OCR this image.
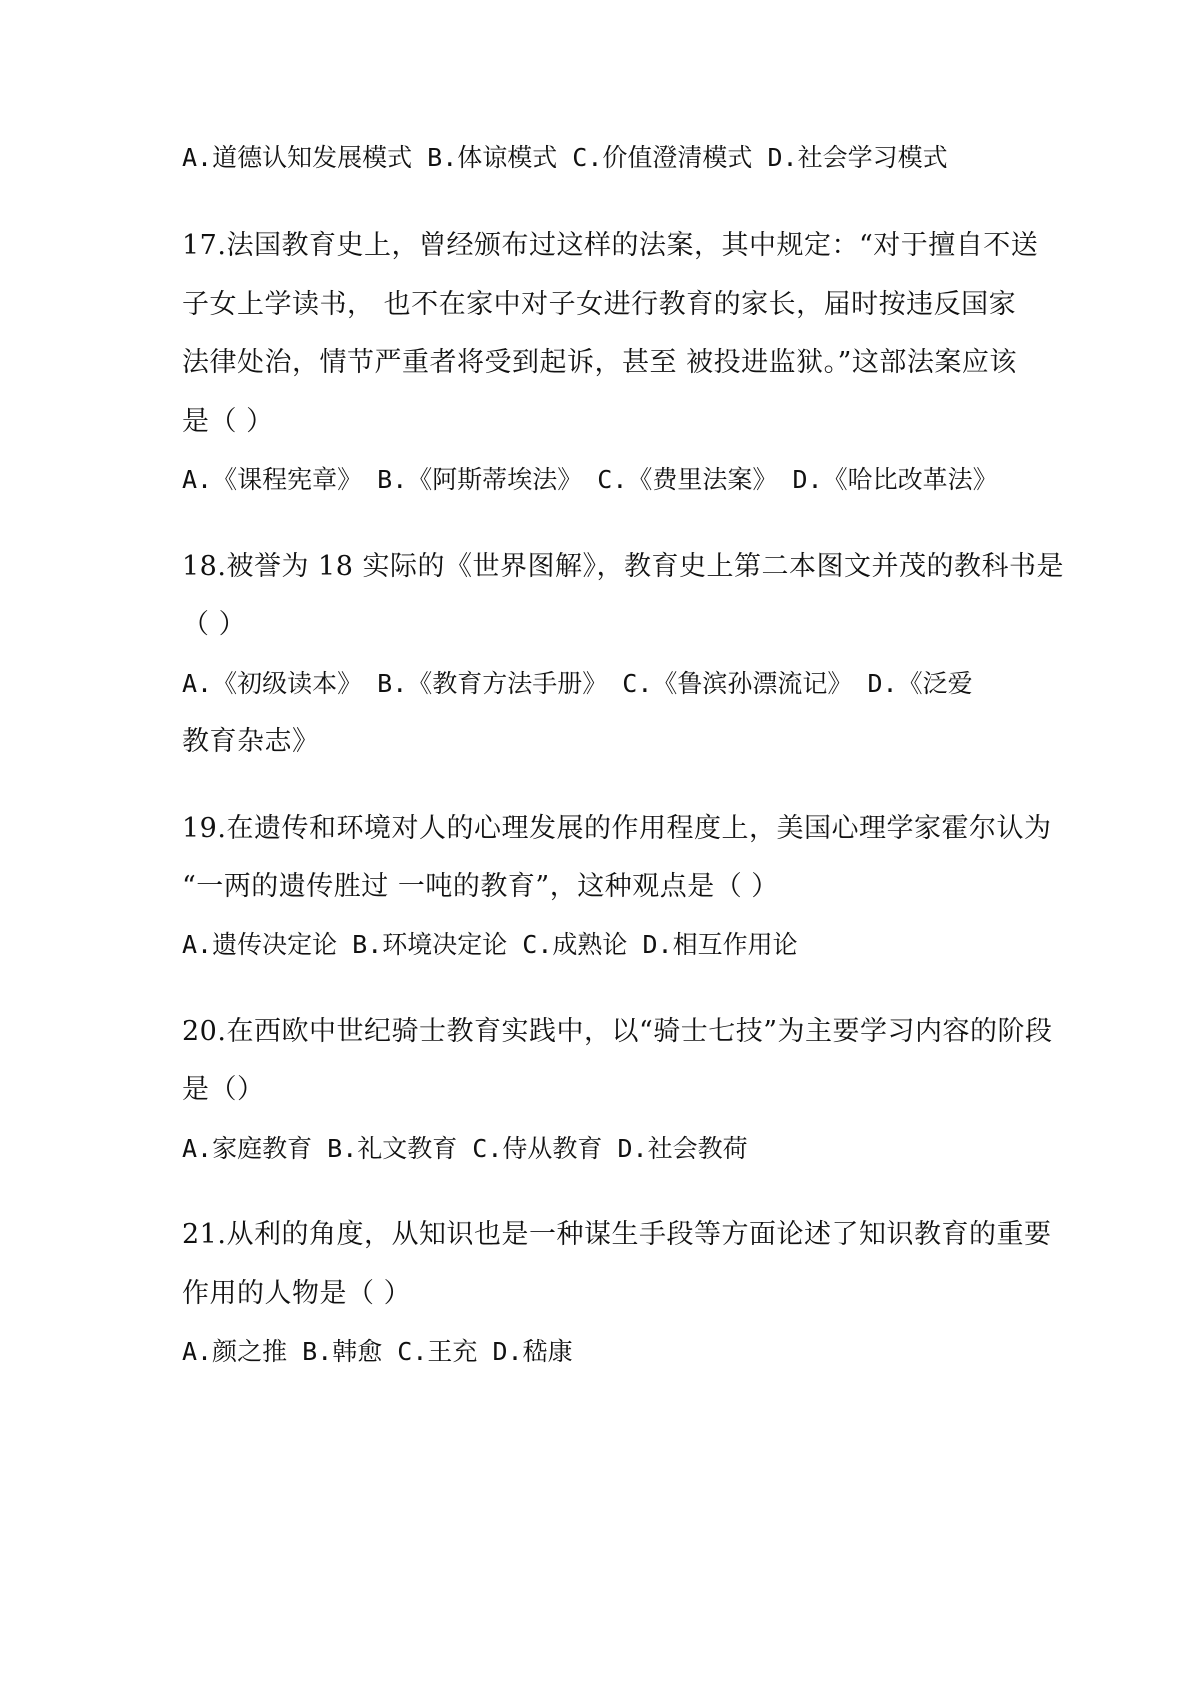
A.道德认知发展模式 B.体谅模式 C.价值澄清模式 D.社会学习模式
17.法国教育史上，曾经颁布过这样的法案，其中规定：“对于擅自不送
子女上学读书， 也不在家中对子女进行教育的家长，届时按违反国家
法律处治，情节严重者将受到起诉，甚至 被投进监狱。”这部法案应该
是（ ）
A.《课程宪章》 B.《阿斯蒂埃法》 C.《费里法案》 D.《哈比改革法》
18.被誉为 18 实际的《世界图解》，教育史上第二本图文并茂的教科书是
（ ）
A.《初级读本》 B.《教育方法手册》 C.《鲁滨孙漂流记》 D.《泛爱
教育杂志》
19.在遗传和环境对人的心理发展的作用程度上，美国心理学家霍尔认为
“一两的遗传胜过 一吨的教育”，这种观点是（ ）
A.遗传决定论 B.环境决定论 C.成熟论 D.相互作用论
20.在西欧中世纪骑士教育实践中，以“骑士七技”为主要学习内容的阶段
是（）
A.家庭教育 B.礼文教育 C.侍从教育 D.社会教荷
21.从利的角度，从知识也是一种谋生手段等方面论述了知识教育的重要
作用的人物是（ ）
A.颜之推 B.韩愈 C.王充 D.嵇康
